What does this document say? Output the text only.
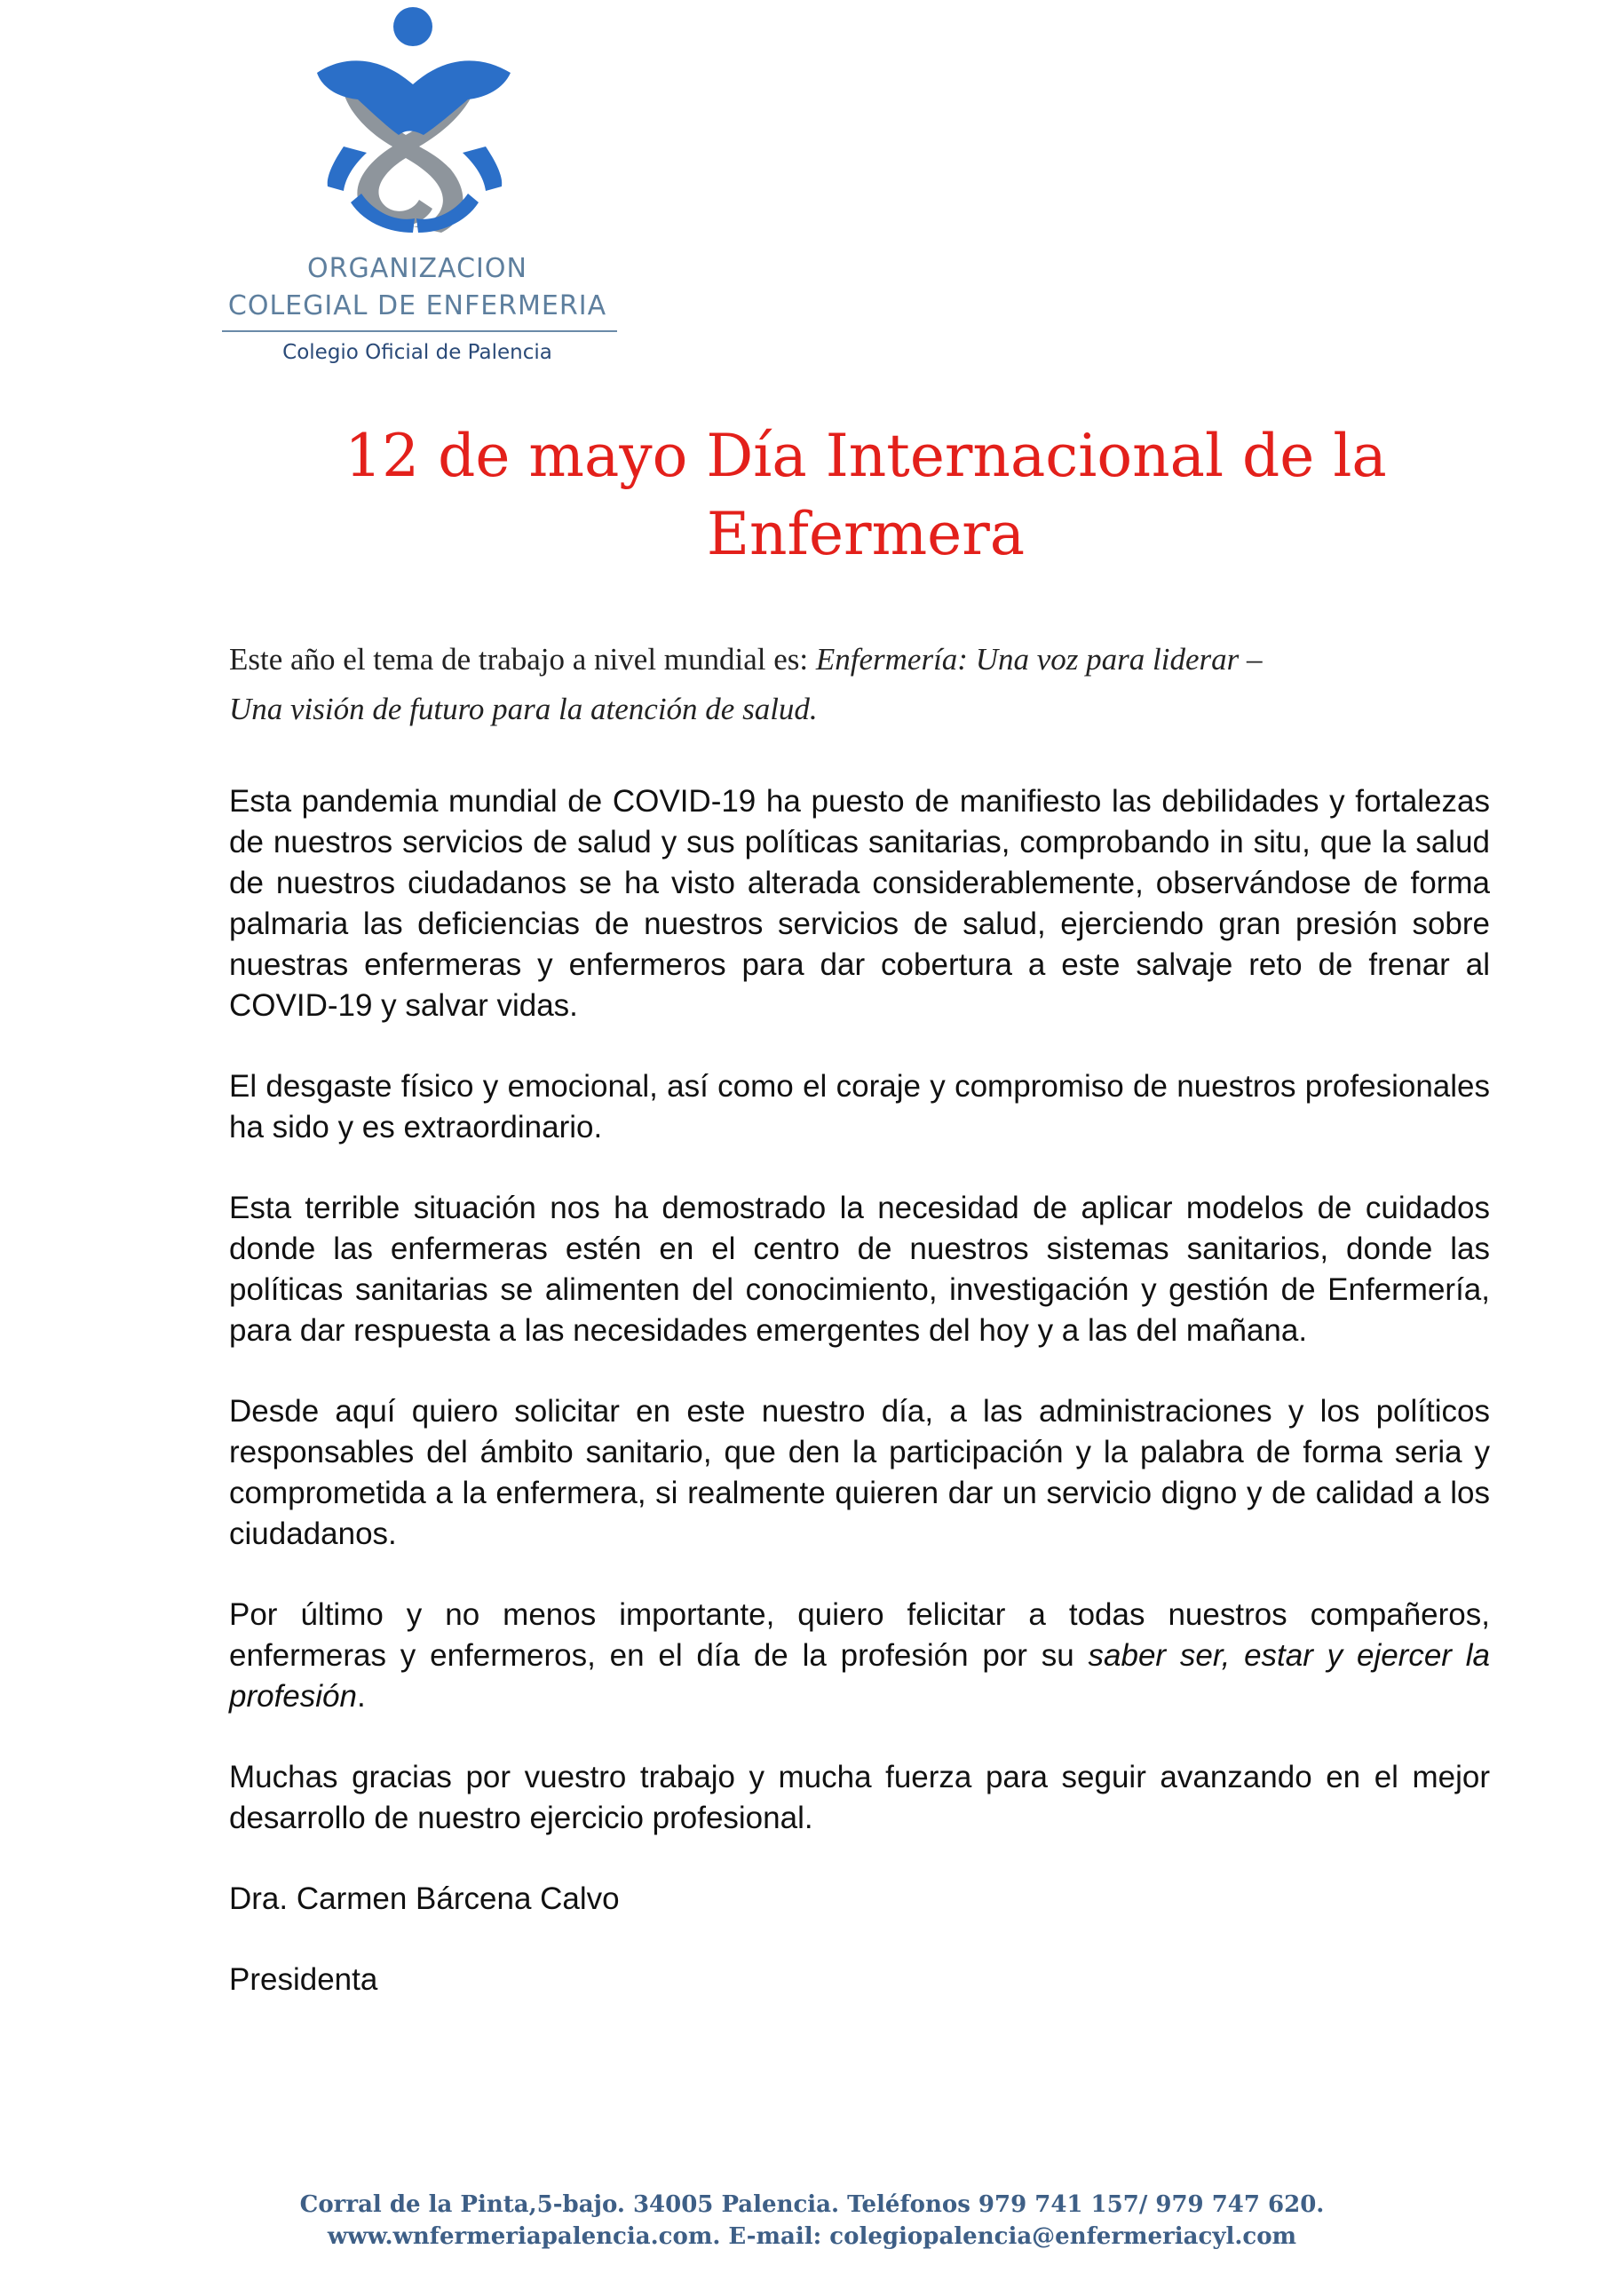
ORGANIZACION
COLEGIAL DE ENFERMERIA
Colegio Oficial de Palencia
12 de mayo Día Internacional de la
Enfermera
Este año el tema de trabajo a nivel mundial es: Enfermería: Una voz para liderar –
Una visión de futuro para la atención de salud.

Esta pandemia mundial de COVID-19 ha puesto de manifiesto las debilidades y fortalezas de nuestros servicios de salud y sus políticas sanitarias, comprobando in situ, que la salud de nuestros ciudadanos se ha visto alterada considerablemente, observándose de forma palmaria las deficiencias de nuestros servicios de salud, ejerciendo gran presión sobre nuestras enfermeras y enfermeros para dar cobertura a este salvaje reto de frenar al COVID-19 y salvar vidas.

El desgaste físico y emocional, así como el coraje y compromiso de nuestros profesionales ha sido y es extraordinario.

Esta terrible situación nos ha demostrado la necesidad de aplicar modelos de cuidados donde las enfermeras estén en el centro de nuestros sistemas sanitarios, donde las políticas sanitarias se alimenten del conocimiento, investigación y gestión de Enfermería, para dar respuesta a las necesidades emergentes del hoy y a las del mañana.

Desde aquí quiero solicitar en este nuestro día, a las administraciones y los políticos responsables del ámbito sanitario, que den la participación y la palabra de forma seria y comprometida a la enfermera, si realmente quieren dar un servicio digno y de calidad a los ciudadanos.

Por último y no menos importante, quiero felicitar a todas nuestros compañeros, enfermeras y enfermeros, en el día de la profesión por su saber ser, estar y ejercer la profesión.

Muchas gracias por vuestro trabajo y mucha fuerza para seguir avanzando en el mejor desarrollo de nuestro ejercicio profesional.

Dra. Carmen Bárcena Calvo
Presidenta
Corral de la Pinta,5-bajo. 34005 Palencia. Teléfonos 979 741 157/ 979 747 620.
www.wnfermeriapalencia.com. E-mail: colegiopalencia@enfermeriacyl.com
